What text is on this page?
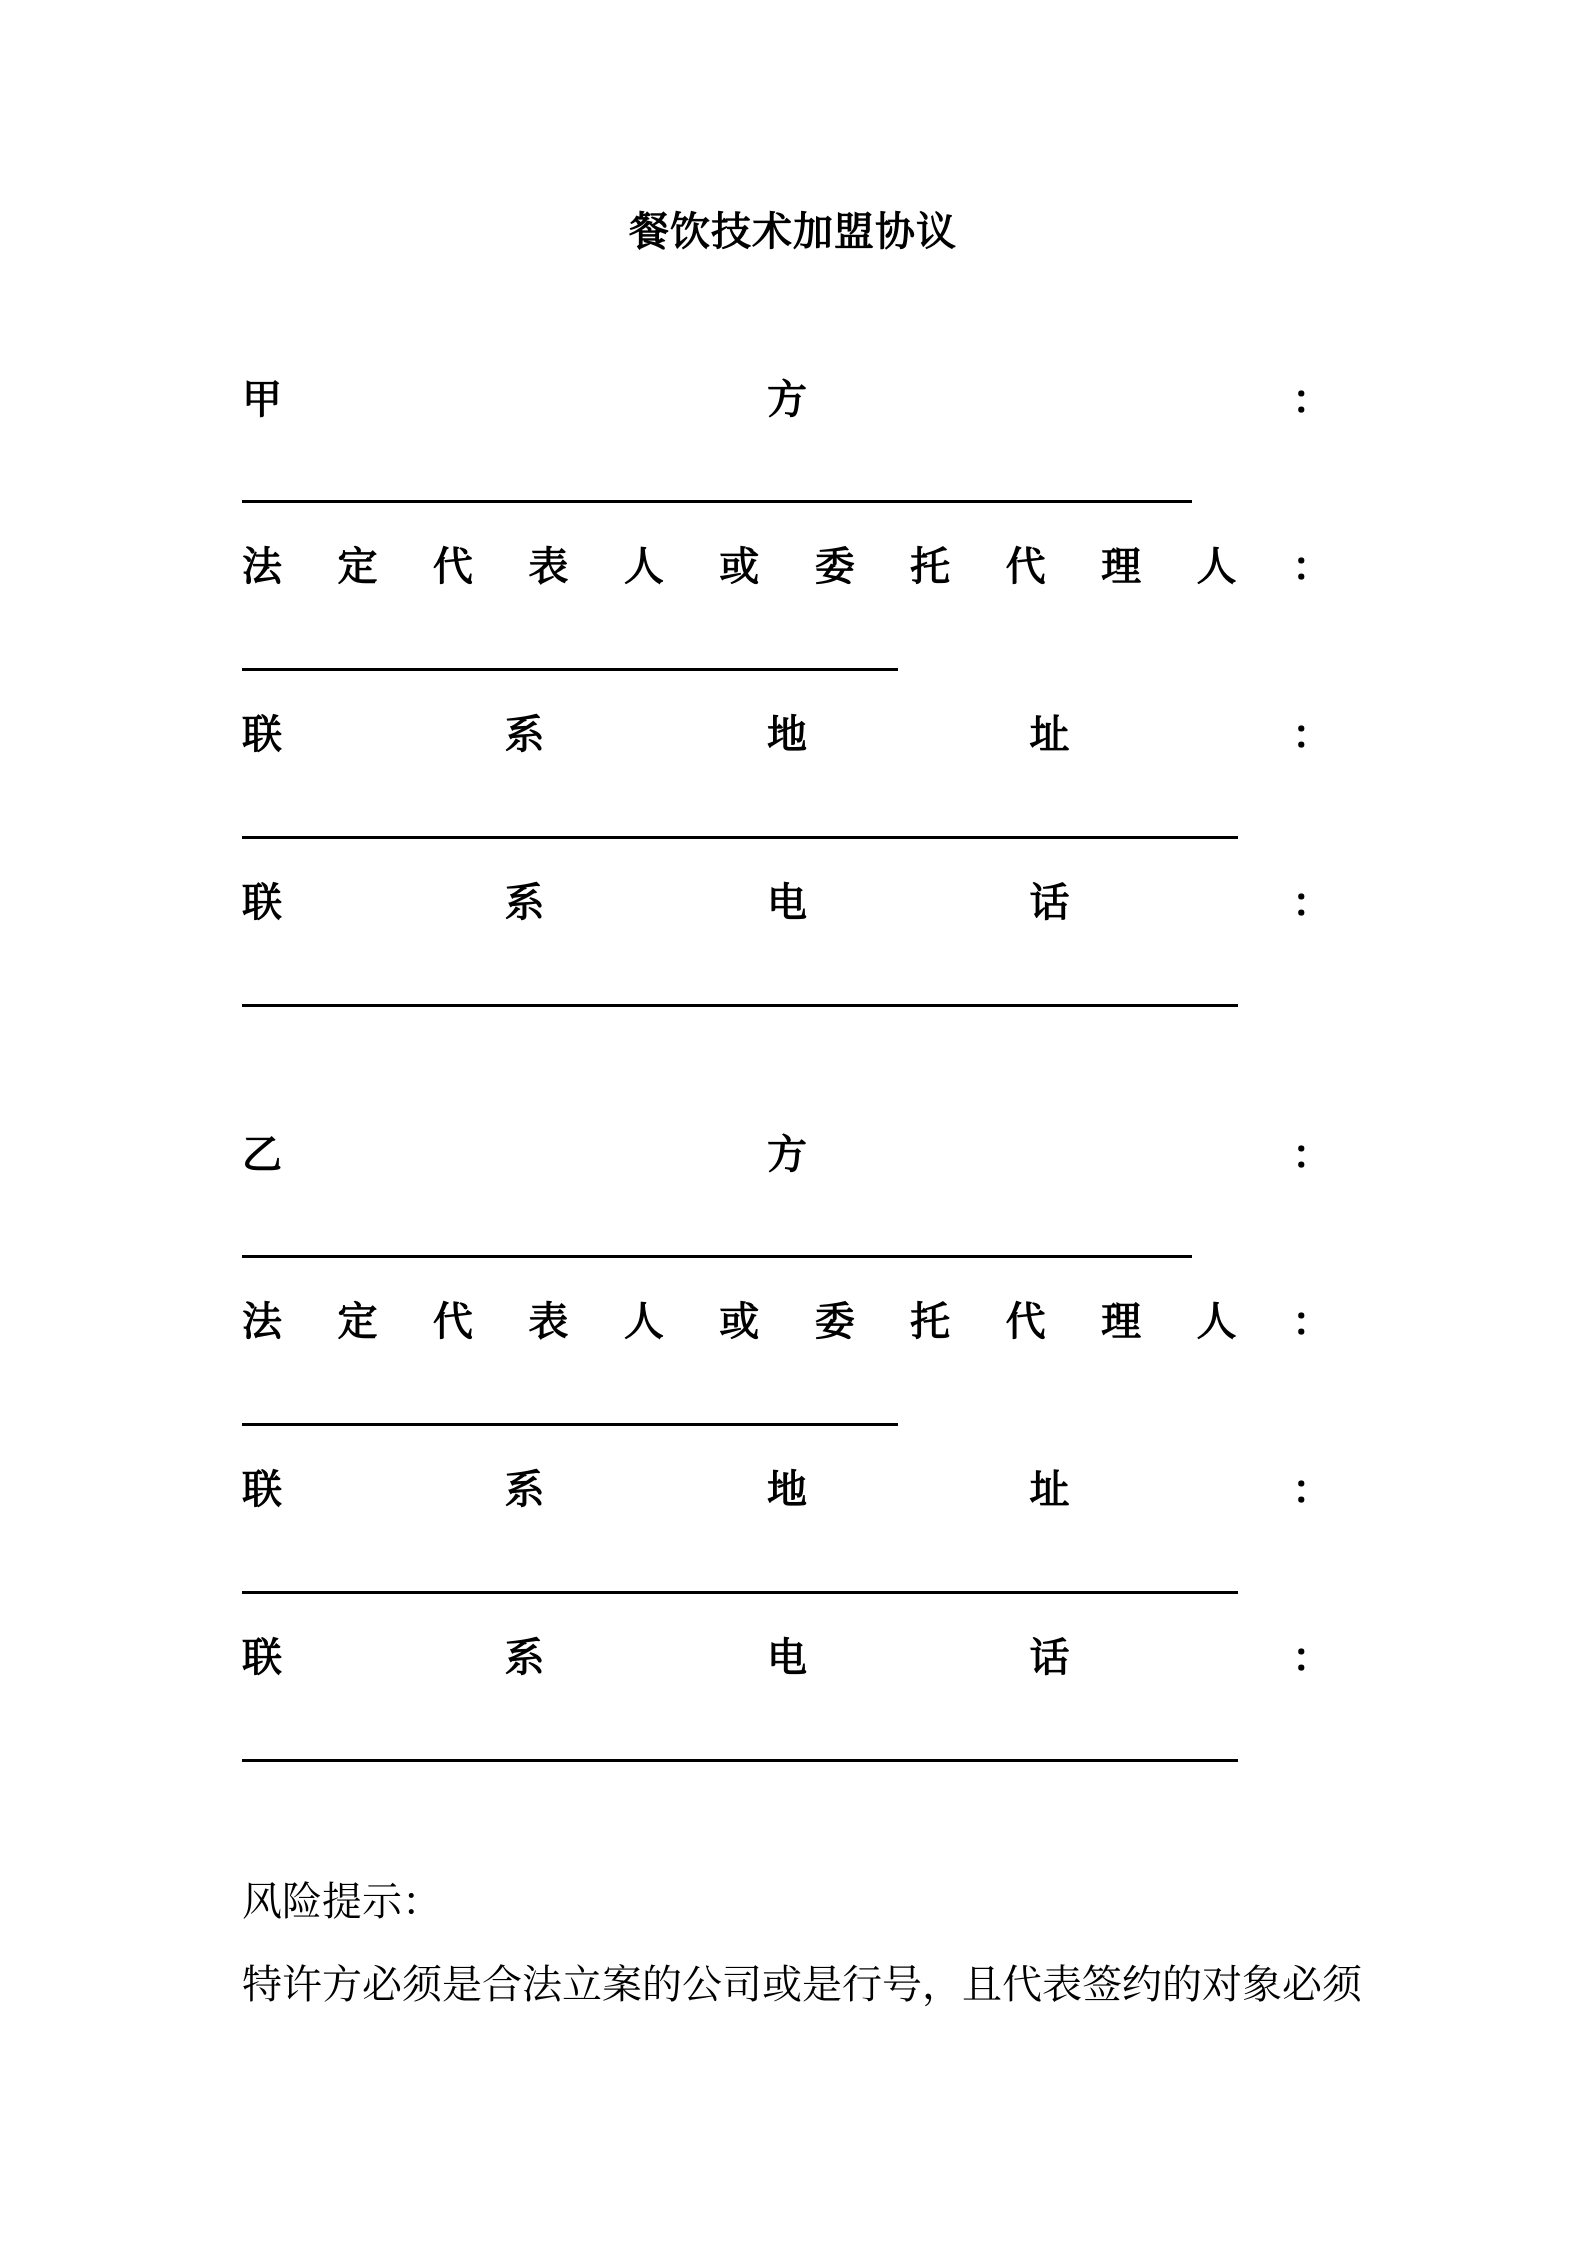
餐饮技术加盟协议
甲	方	：
法 定 代 表 人 或 委 托 代 理 人 ：
联	系	地	址	：
联	系	电	话	：
乙	方	：
法 定 代 表 人 或 委 托 代 理 人 ：
联	系	地	址	：
联	系	电	话	：
风险提示：
特许方必须是合法立案的公司或是行号，且代表签约的对象必须
